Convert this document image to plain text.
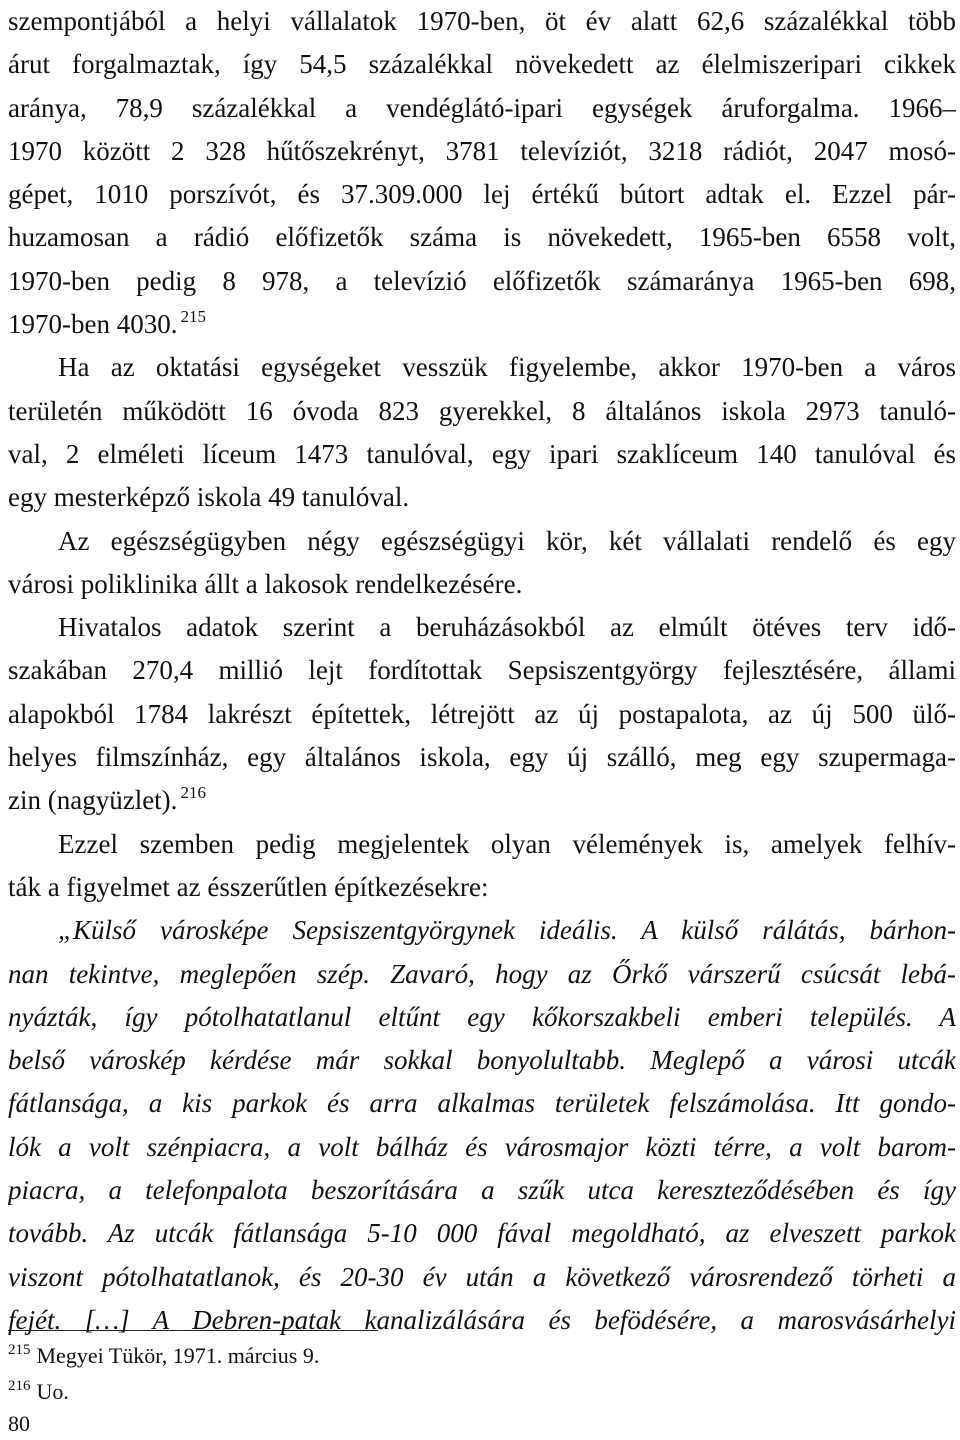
szempontjából a helyi vállalatok 1970-ben, öt év alatt 62,6 százalékkal több
árut forgalmaztak, így 54,5 százalékkal növekedett az élelmiszeripari cikkek
aránya, 78,9 százalékkal a vendéglátó-ipari egységek áruforgalma. 1966–
1970 között 2 328 hűtőszekrényt, 3781 televíziót, 3218 rádiót, 2047 mosó-
gépet, 1010 porszívót, és 37.309.000 lej értékű bútort adtak el. Ezzel pár-
huzamosan a rádió előfizetők száma is növekedett, 1965-ben 6558 volt,
1970-ben pedig 8 978, a televízió előfizetők számaránya 1965-ben 698,
1970-ben 4030. $^{215}$
Ha az oktatási egységeket vesszük figyelembe, akkor 1970-ben a város
területén működött 16 óvoda 823 gyerekkel, 8 általános iskola 2973 tanuló-
val, 2 elméleti líceum 1473 tanulóval, egy ipari szaklíceum 140 tanulóval és
egy mesterképző iskola 49 tanulóval.
Az egészségügyben négy egészségügyi kör, két vállalati rendelő és egy
városi poliklinika állt a lakosok rendelkezésére.
Hivatalos adatok szerint a beruházásokból az elmúlt ötéves terv idő-
szakában 270,4 millió lejt fordítottak Sepsiszentgyörgy fejlesztésére, állami
alapokból 1784 lakrészt építettek, létrejött az új postapalota, az új 500 ülő-
helyes filmszínház, egy általános iskola, egy új szálló, meg egy szupermaga-
zin (nagyüzlet). $^{216}$
Ezzel szemben pedig megjelentek olyan vélemények is, amelyek felhív-
ták a figyelmet az ésszerűtlen építkezésekre:
„Külső városképe Sepsiszentgyörgynek ideális. A külső rálátás, bárhon-
nan tekintve, meglepően szép. Zavaró, hogy az Őrkő várszerű csúcsát lebá-
nyázták, így pótolhatatlanul eltűnt egy kőkorszakbeli emberi település. A
belső városkép kérdése már sokkal bonyolultabb. Meglepő a városi utcák
fátlansága, a kis parkok és arra alkalmas területek felszámolása. Itt gondo-
lók a volt szénpiacra, a volt bálház és városmajor közti térre, a volt barom-
piacra, a telefonpalota beszorítására a szűk utca kereszteződésében és így
tovább. Az utcák fátlansága 5-10 000 fával megoldható, az elveszett parkok
viszont pótolhatatlanok, és 20-30 év után a következő városrendező törheti a
fejét. […] A Debren-patak kanalizálására és befödésére, a marosvásárhelyi
$^{215}$ Megyei Tükör, 1971. március 9.
$^{216}$ Uo.
80
